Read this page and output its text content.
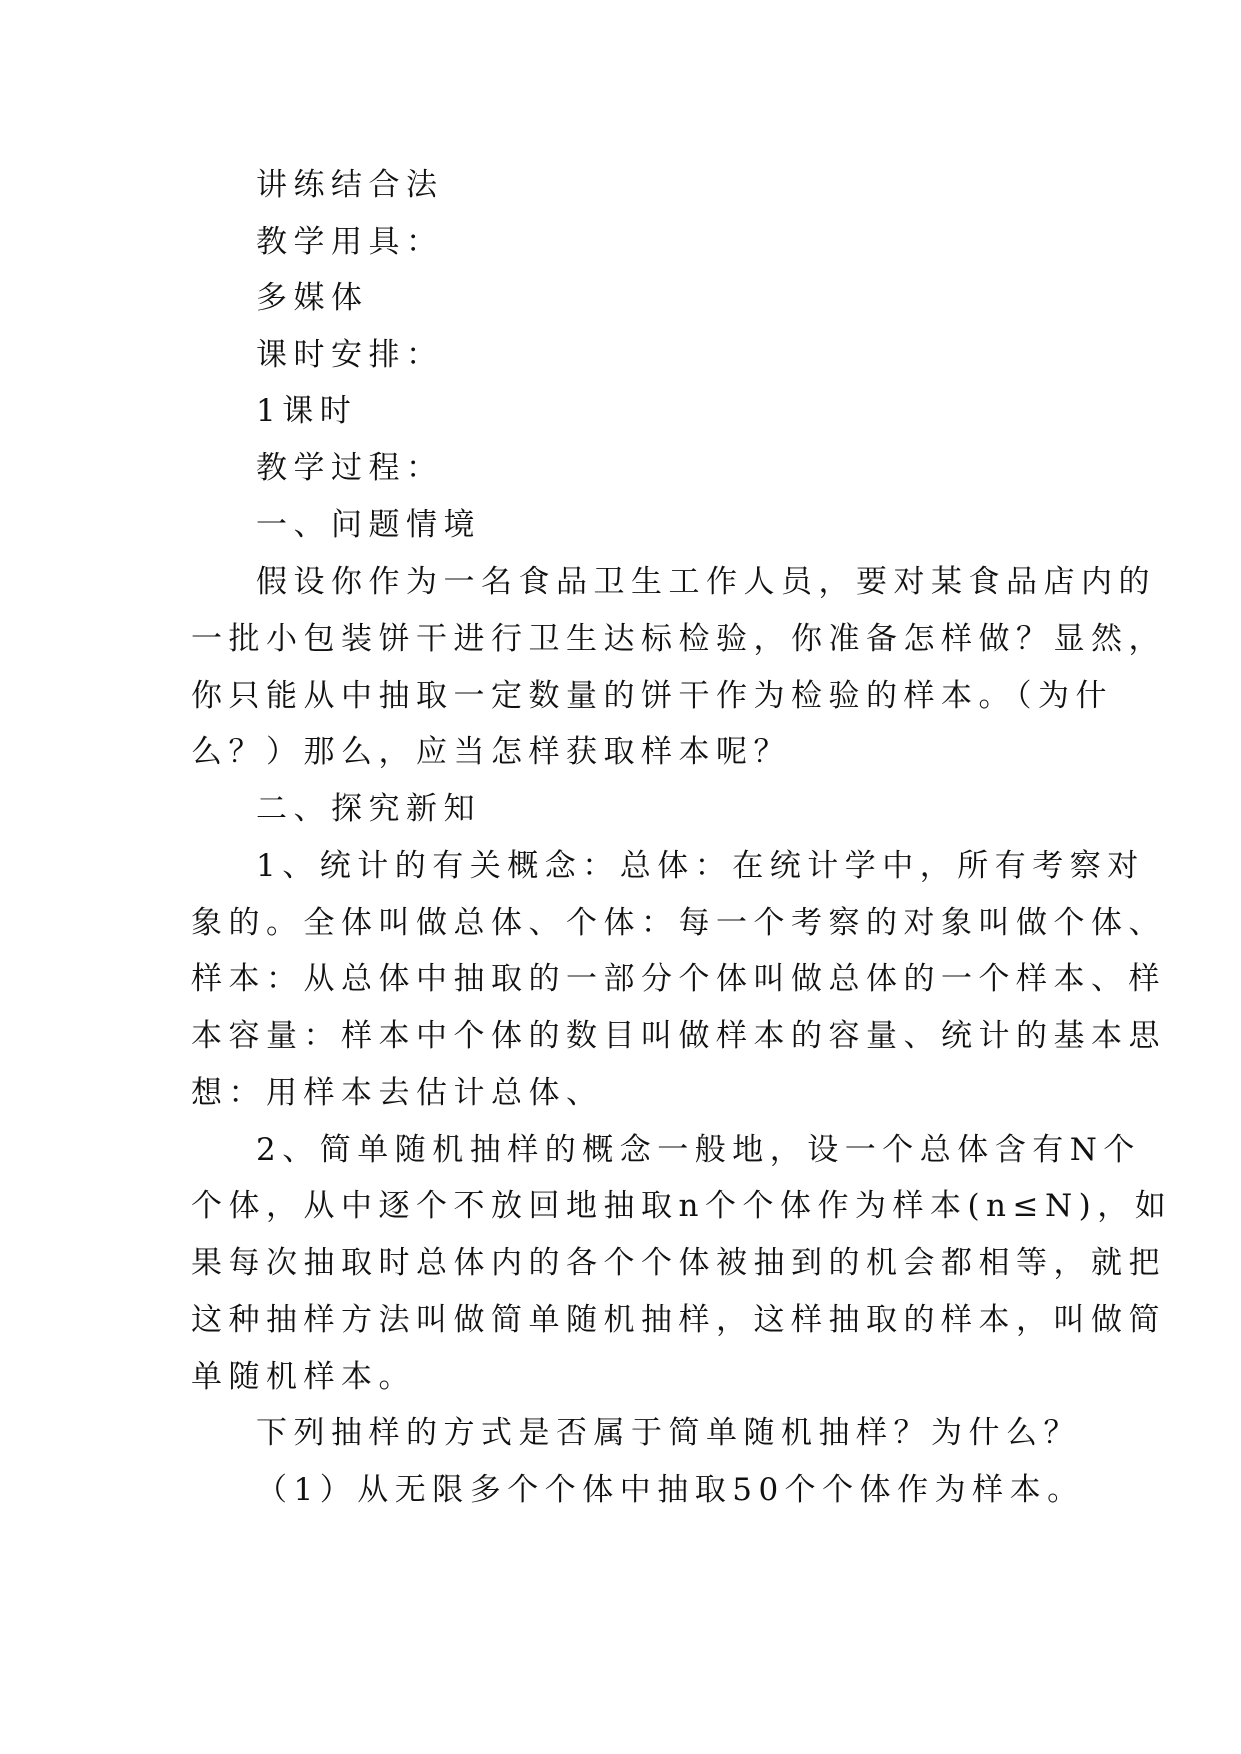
讲练结合法
教学用具：
多媒体
课时安排：
1课时
教学过程：
一、问题情境
假设你作为一名食品卫生工作人员，要对某食品店内的
一批小包装饼干进行卫生达标检验，你准备怎样做？显然，
你只能从中抽取一定数量的饼干作为检验的样本。（为什
么？）那么，应当怎样获取样本呢？
二、探究新知
1、统计的有关概念：总体：在统计学中，所有考察对
象的。全体叫做总体、个体：每一个考察的对象叫做个体、
样本：从总体中抽取的一部分个体叫做总体的一个样本、样
本容量：样本中个体的数目叫做样本的容量、统计的基本思
想：用样本去估计总体、
2、简单随机抽样的概念一般地，设一个总体含有N个
个体，从中逐个不放回地抽取n个个体作为样本(n≤N)，如
果每次抽取时总体内的各个个体被抽到的机会都相等，就把
这种抽样方法叫做简单随机抽样，这样抽取的样本，叫做简
单随机样本。
下列抽样的方式是否属于简单随机抽样？为什么？
（1）从无限多个个体中抽取50个个体作为样本。
